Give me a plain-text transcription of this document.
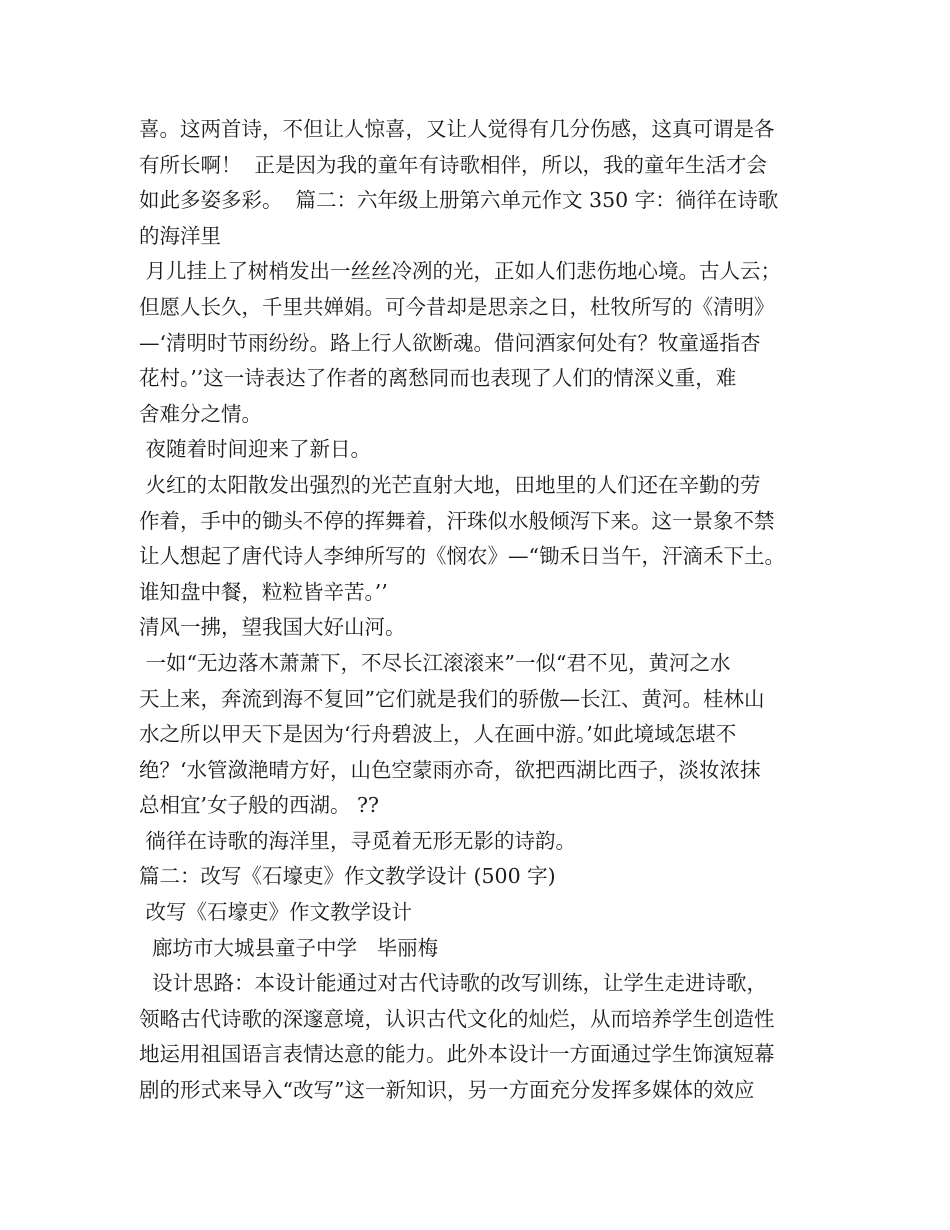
喜。这两首诗，不但让人惊喜，又让人觉得有几分伤感，这真可谓是各
有所长啊！  正是因为我的童年有诗歌相伴，所以，我的童年生活才会
如此多姿多彩。  篇二：六年级上册第六单元作文 350 字：徜徉在诗歌
的海洋里
月儿挂上了树梢发出一丝丝冷冽的光，正如人们悲伤地心境。古人云；
但愿人长久，千里共婵娟。可今昔却是思亲之日，杜牧所写的《清明》
—‘清明时节雨纷纷。路上行人欲断魂。借问酒家何处有？牧童遥指杏
花村。’’这一诗表达了作者的离愁同而也表现了人们的情深义重，难
舍难分之情。
夜随着时间迎来了新日。
火红的太阳散发出强烈的光芒直射大地，田地里的人们还在辛勤的劳
作着，手中的锄头不停的挥舞着，汗珠似水般倾泻下来。这一景象不禁
让人想起了唐代诗人李绅所写的《悯农》—“锄禾日当午，汗滴禾下土。
谁知盘中餐，粒粒皆辛苦。’’
清风一拂，望我国大好山河。
一如“无边落木萧萧下，不尽长江滚滚来”一似“君不见，黄河之水
天上来，奔流到海不复回”它们就是我们的骄傲—长江、黄河。桂林山
水之所以甲天下是因为‘行舟碧波上，人在画中游。’如此境域怎堪不
绝？‘水管潋滟晴方好，山色空蒙雨亦奇，欲把西湖比西子，淡妆浓抹
总相宜’女子般的西湖。 ??
徜徉在诗歌的海洋里，寻觅着无形无影的诗韵。
篇二：改写《石壕吏》作文教学设计 (500 字)
改写《石壕吏》作文教学设计
廊坊市大城县童子中学   毕丽梅
设计思路：本设计能通过对古代诗歌的改写训练，让学生走进诗歌，
领略古代诗歌的深邃意境，认识古代文化的灿烂，从而培养学生创造性
地运用祖国语言表情达意的能力。此外本设计一方面通过学生饰演短幕
剧的形式来导入“改写”这一新知识，另一方面充分发挥多媒体的效应
